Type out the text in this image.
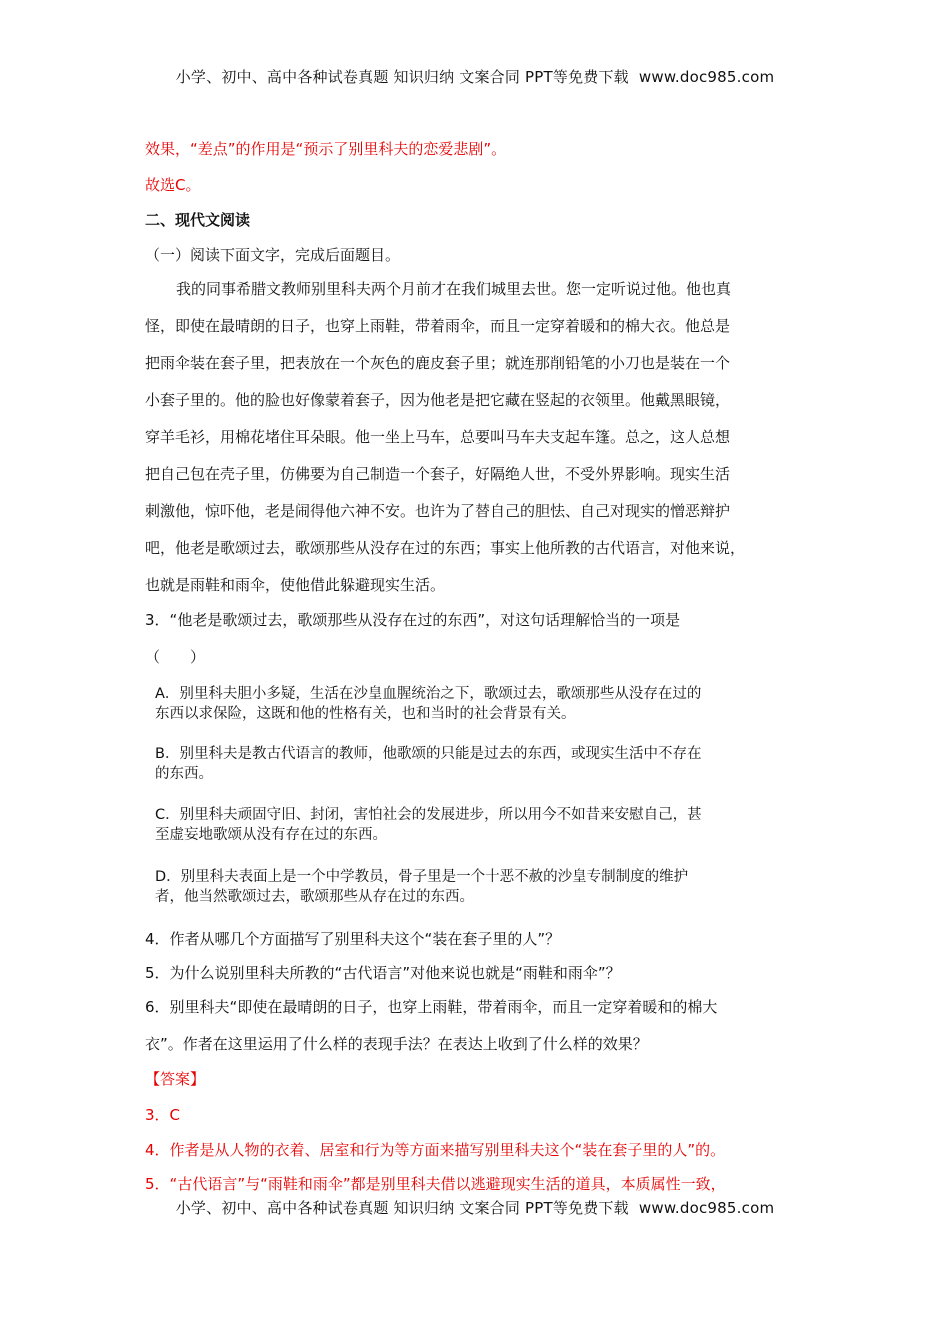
小学、初中、高中各种试卷真题 知识归纳 文案合同 PPT等免费下载 www.doc985.com
效果，“差点”的作用是“预示了别里科夫的恋爱悲剧”。
故选C。
二、现代文阅读
（一）阅读下面文字，完成后面题目。
我的同事希腊文教师别里科夫两个月前才在我们城里去世。您一定听说过他。他也真
怪，即使在最晴朗的日子，也穿上雨鞋，带着雨伞，而且一定穿着暖和的棉大衣。他总是
把雨伞装在套子里，把表放在一个灰色的鹿皮套子里；就连那削铅笔的小刀也是装在一个
小套子里的。他的脸也好像蒙着套子，因为他老是把它藏在竖起的衣领里。他戴黑眼镜，
穿羊毛衫，用棉花堵住耳朵眼。他一坐上马车，总要叫马车夫支起车篷。总之，这人总想
把自己包在壳子里，仿佛要为自己制造一个套子，好隔绝人世，不受外界影响。现实生活
刺激他，惊吓他，老是闹得他六神不安。也许为了替自己的胆怯、自己对现实的憎恶辩护
吧，他老是歌颂过去，歌颂那些从没存在过的东西；事实上他所教的古代语言，对他来说，
也就是雨鞋和雨伞，使他借此躲避现实生活。
3．“他老是歌颂过去，歌颂那些从没存在过的东西”，对这句话理解恰当的一项是
（　　）
A．别里科夫胆小多疑，生活在沙皇血腥统治之下，歌颂过去，歌颂那些从没存在过的
东西以求保险，这既和他的性格有关，也和当时的社会背景有关。
B．别里科夫是教古代语言的教师，他歌颂的只能是过去的东西，或现实生活中不存在
的东西。
C．别里科夫顽固守旧、封闭，害怕社会的发展进步，所以用今不如昔来安慰自己，甚
至虚妄地歌颂从没有存在过的东西。
D．别里科夫表面上是一个中学教员，骨子里是一个十恶不赦的沙皇专制制度的维护
者，他当然歌颂过去，歌颂那些从存在过的东西。
4．作者从哪几个方面描写了别里科夫这个“装在套子里的人”？
5．为什么说别里科夫所教的“古代语言”对他来说也就是“雨鞋和雨伞”？
6．别里科夫“即使在最晴朗的日子，也穿上雨鞋，带着雨伞，而且一定穿着暖和的棉大
衣”。作者在这里运用了什么样的表现手法？在表达上收到了什么样的效果？
【答案】
3．C
4．作者是从人物的衣着、居室和行为等方面来描写别里科夫这个“装在套子里的人”的。
5．“古代语言”与“雨鞋和雨伞”都是别里科夫借以逃避现实生活的道具，本质属性一致，
小学、初中、高中各种试卷真题 知识归纳 文案合同 PPT等免费下载 www.doc985.com
